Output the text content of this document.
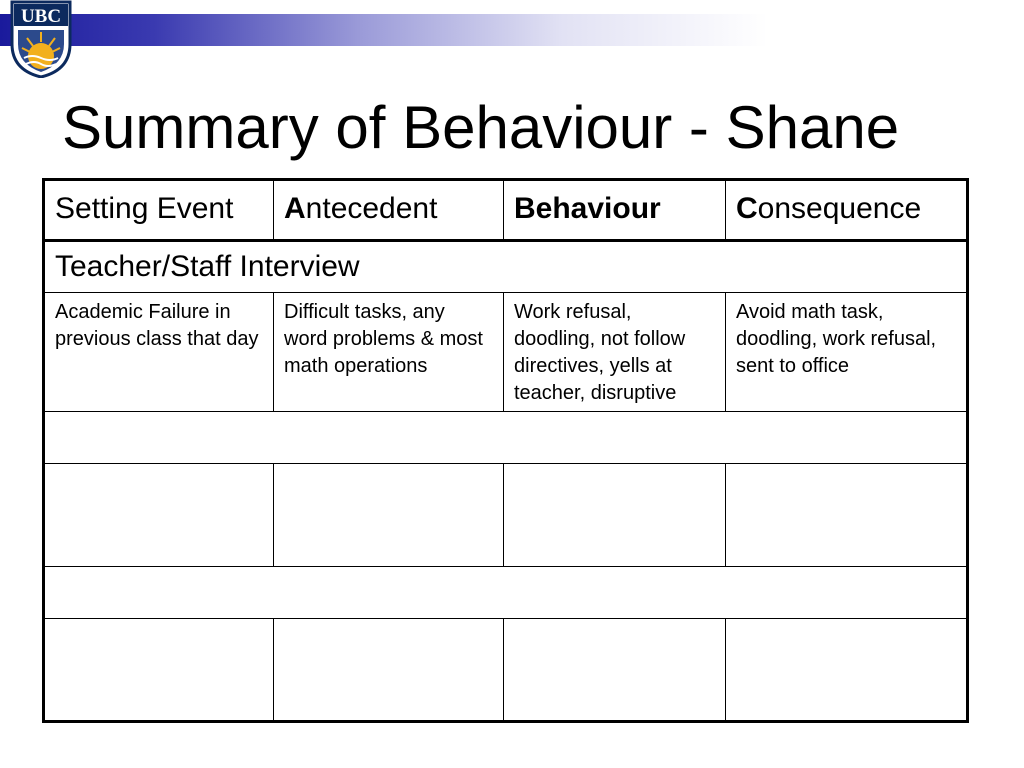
UBC
Summary of Behaviour - Shane
Setting Event	Antecedent	Behaviour	Consequence
Teacher/Staff Interview			
Academic Failure in previous class that day	Difficult tasks, any word problems & most math operations	Work refusal, doodling, not follow directives, yells at teacher, disruptive	Avoid math task, doodling, work refusal, sent to office
